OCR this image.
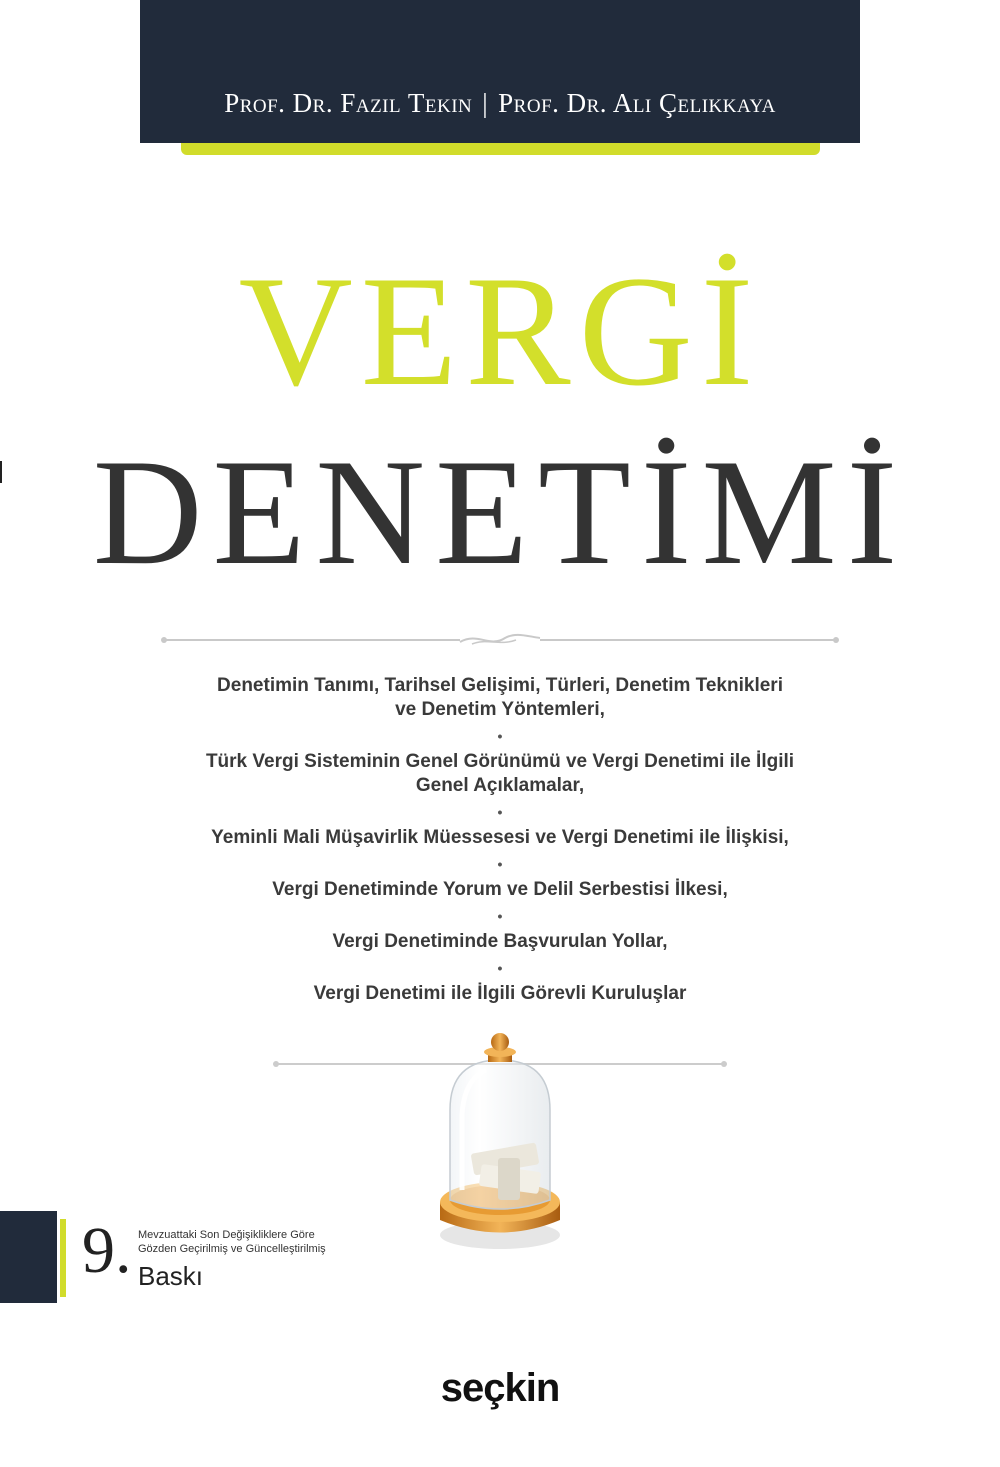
Prof. Dr. Fazıl Tekin | Prof. Dr. Ali Çelikkaya
VERGİ
DENETİMİ
Denetimin Tanımı, Tarihsel Gelişimi, Türleri, Denetim Teknikleri
ve Denetim Yöntemleri,
•
Türk Vergi Sisteminin Genel Görünümü ve Vergi Denetimi ile İlgili
Genel Açıklamalar,
•
Yeminli Mali Müşavirlik Müessesesi ve Vergi Denetimi ile İlişkisi,
•
Vergi Denetiminde Yorum ve Delil Serbestisi İlkesi,
•
Vergi Denetiminde Başvurulan Yollar,
•
Vergi Denetimi ile İlgili Görevli Kuruluşlar
9. Mevzuattaki Son Değişikliklere Göre
Gözden Geçirilmiş ve Güncelleştirilmiş
Baskı
seçkin
